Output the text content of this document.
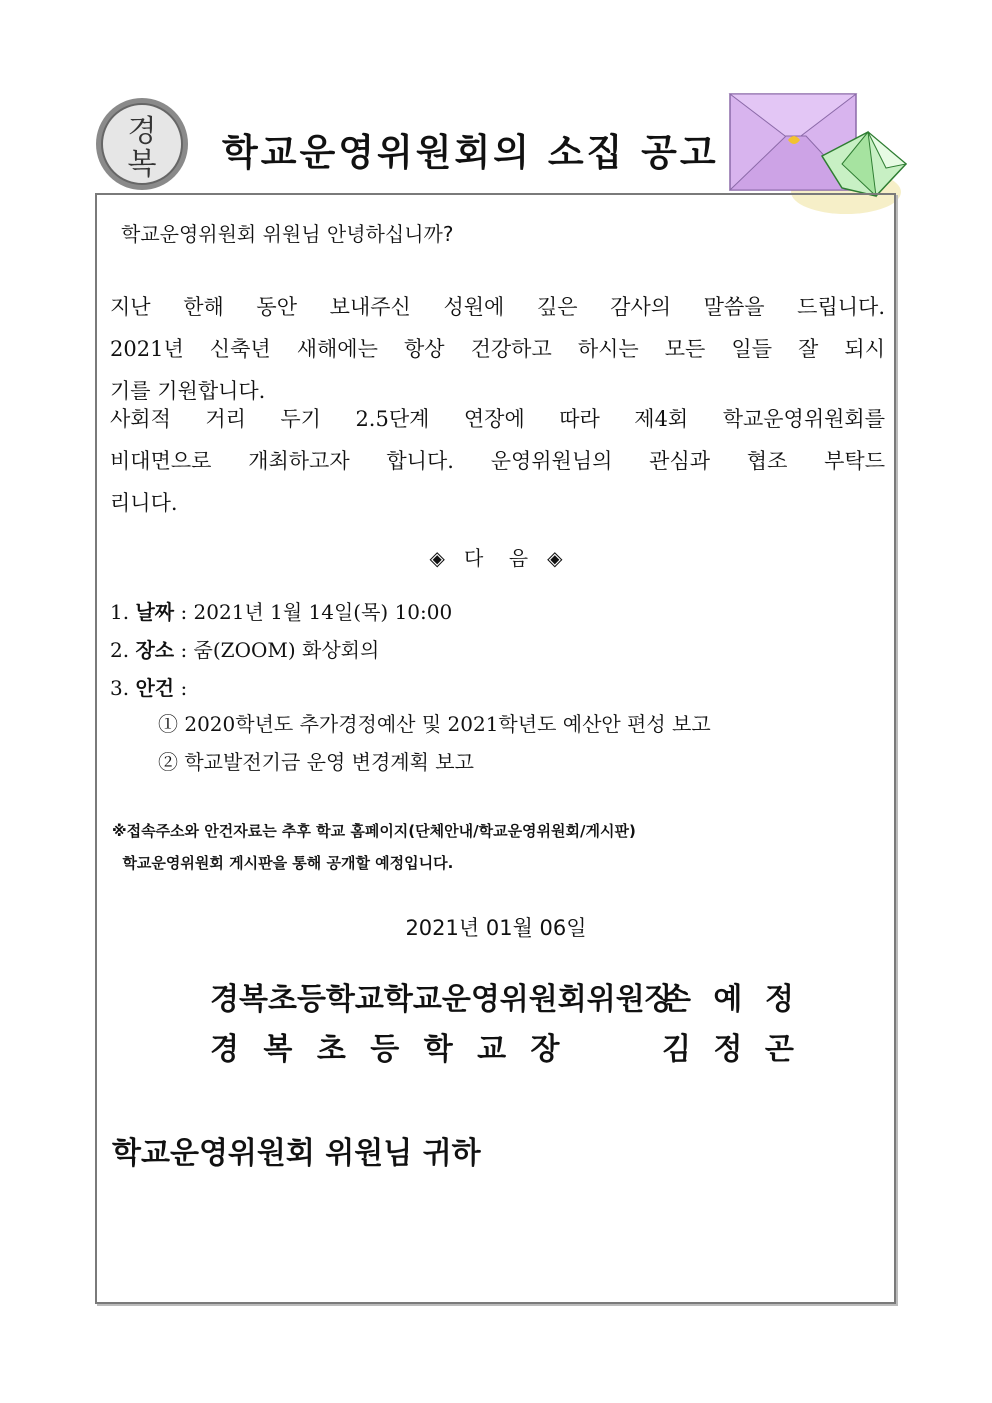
경
복 학교운영위원회의 소집 공고
학교운영위원회 위원님 안녕하십니까?
지난 한해 동안 보내주신 성원에 깊은 감사의 말씀을 드립니다.
2021년 신축년 새해에는 항상 건강하고 하시는 모든 일들 잘 되시
기를 기원합니다.
사회적 거리 두기 2.5단계 연장에 따라 제4회 학교운영위원회를
비대면으로 개최하고자 합니다. 운영위원님의 관심과 협조 부탁드
리니다.
◈   다    음   ◈
1. 날짜 : 2021년 1월 14일(목) 10:00
2. 장소 : 줌(ZOOM) 화상회의
3. 안건 :
① 2020학년도 추가경정예산 및 2021학년도 예산안 편성 보고
② 학교발전기금 운영 변경계획 보고
※접속주소와 안건자료는 추후 학교 홈페이지(단체안내/학교운영위원회/게시판)
학교운영위원회 게시판을 통해 공개할 예정입니다.
2021년 01월 06일
경복초등학교학교운영위원회위원장
손 예 정
경 복 초 등 학 교 장	김 정 곤
학교운영위원회 위원님 귀하
